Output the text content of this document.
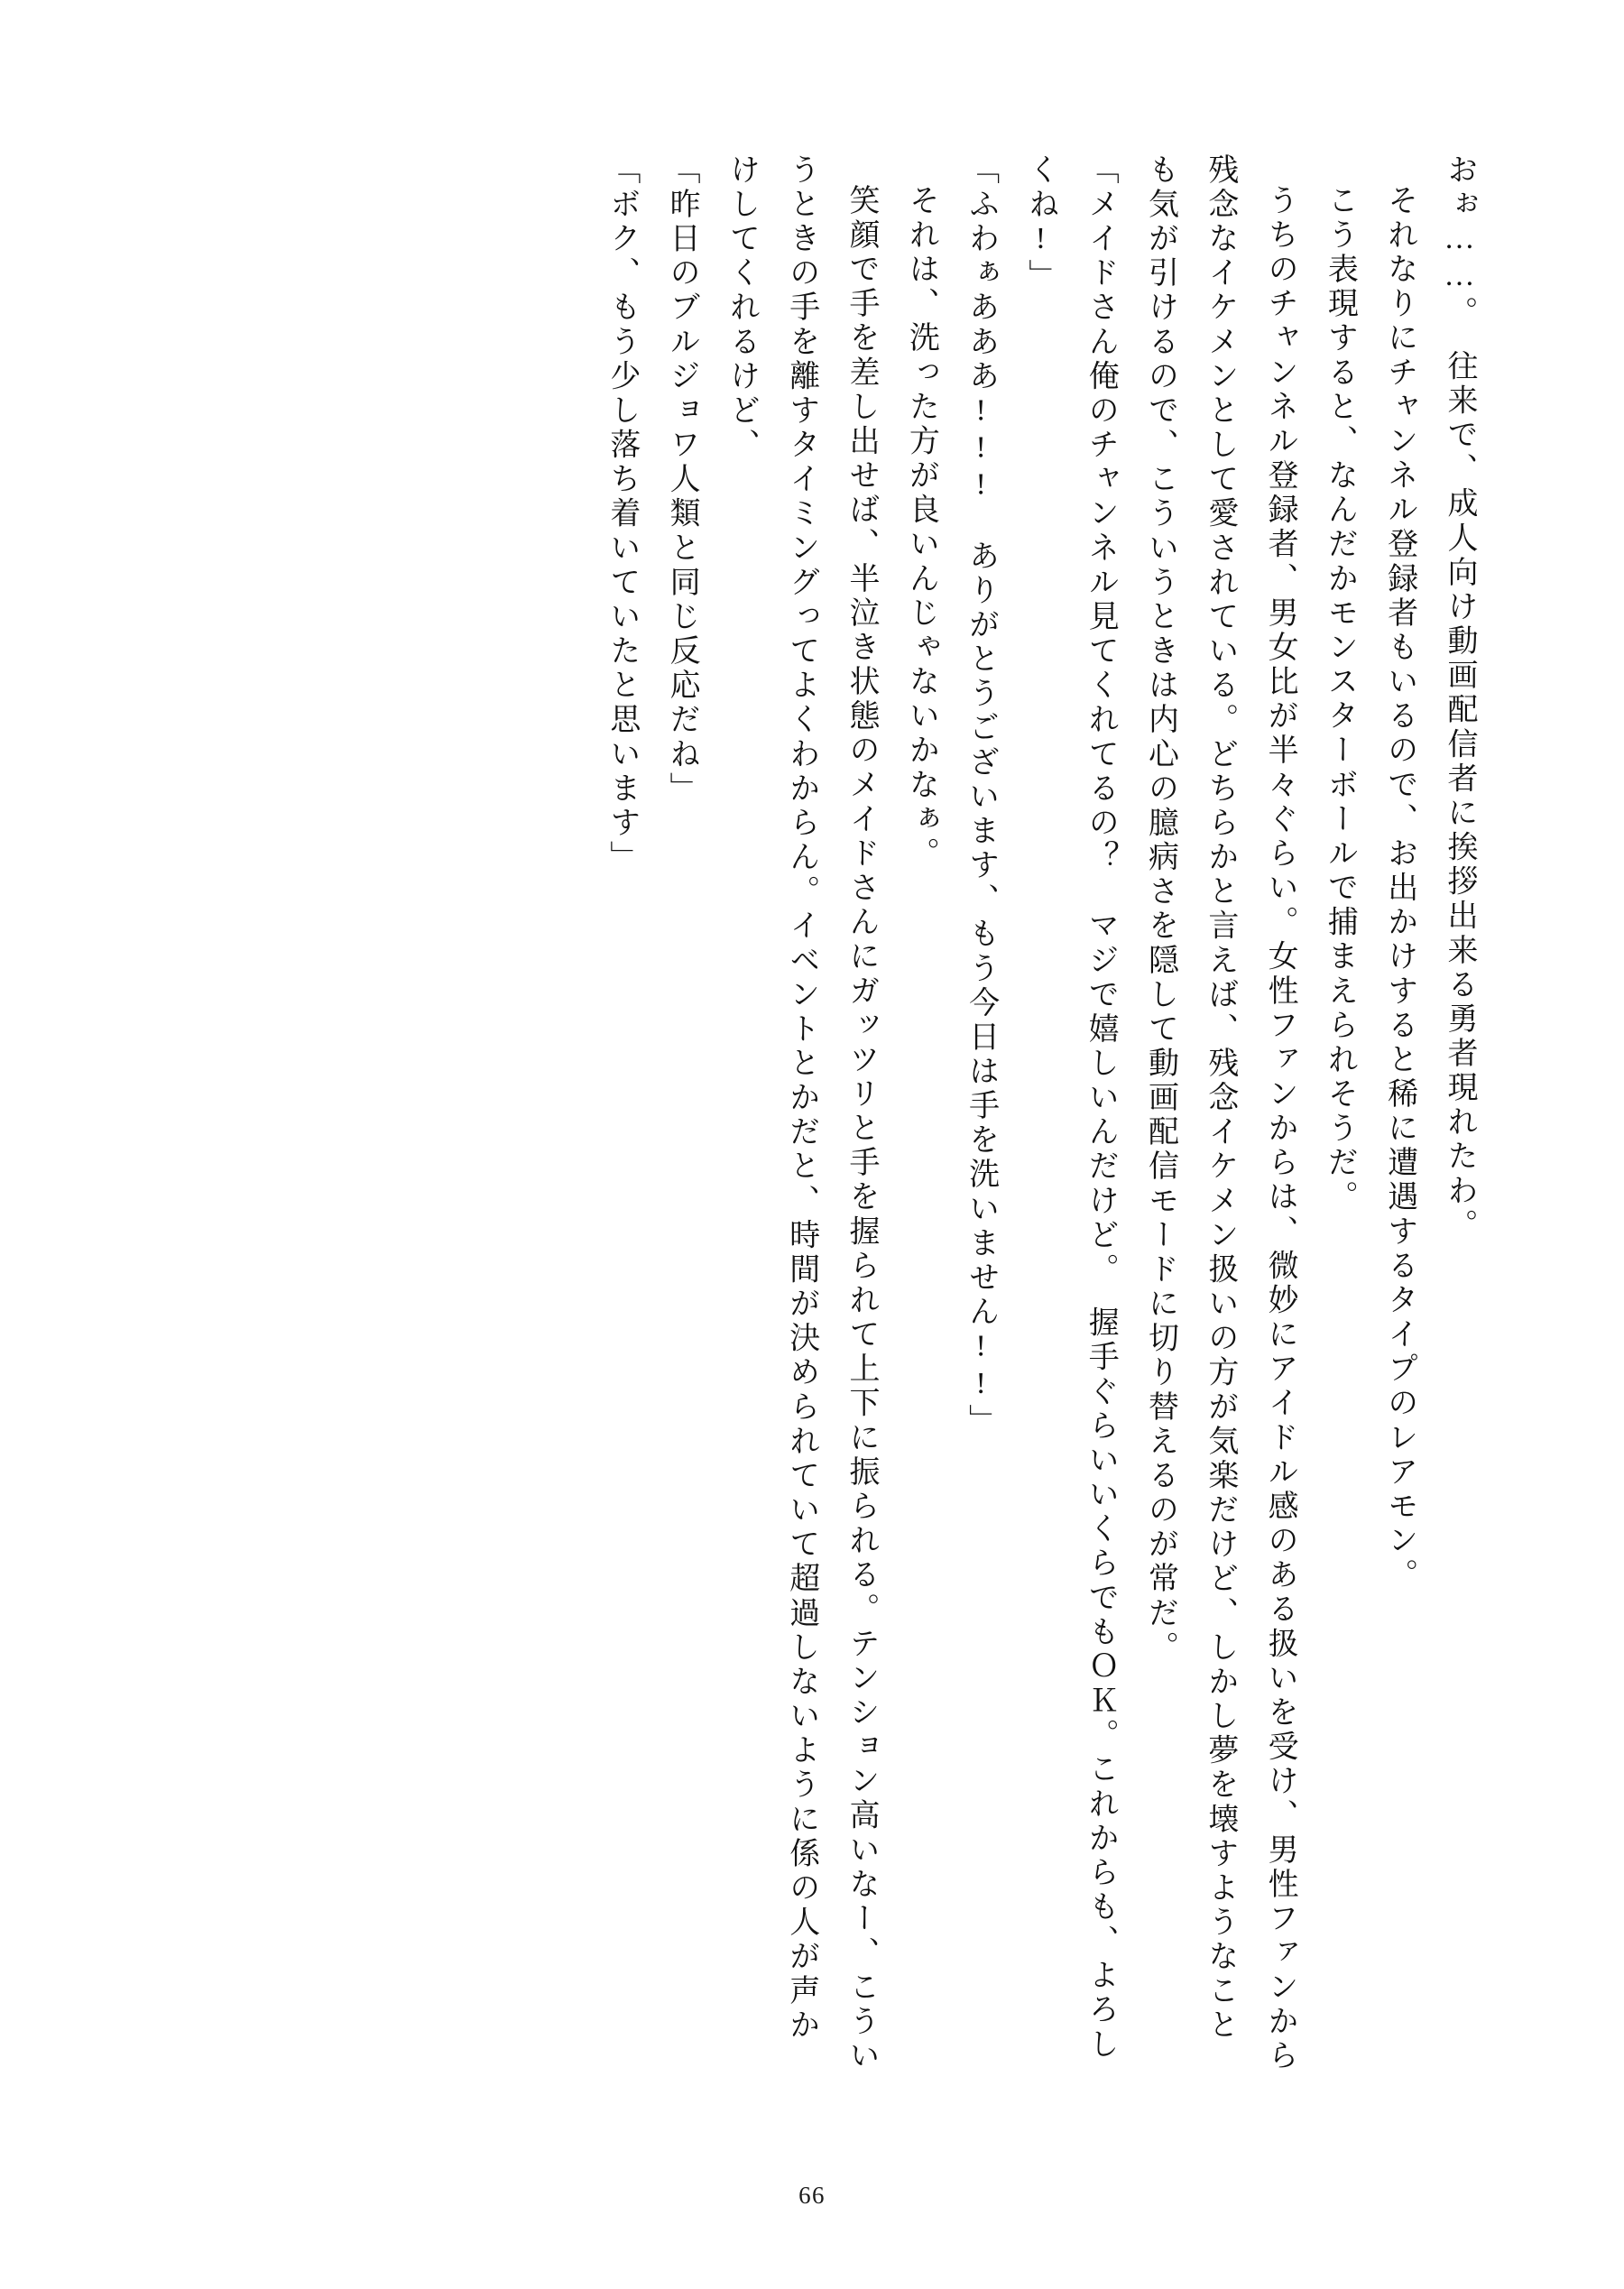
おぉ……。　往来で、成人向け動画配信者に挨拶出来る勇者現れたわ。

それなりにチャンネル登録者もいるので、お出かけすると稀に遭遇するタイプのレアモン。

こう表現すると、なんだかモンスターボールで捕まえられそうだ。

うちのチャンネル登録者、男女比が半々ぐらい。女性ファンからは、微妙にアイドル感のある扱いを受け、男性ファンから残念なイケメンとして愛されている。どちらかと言えば、残念イケメン扱いの方が気楽だけど、しかし夢を壊すようなことも気が引けるので、こういうときは内心の臆病さを隠して動画配信モードに切り替えるのが常だ。

「メイドさん俺のチャンネル見てくれてるの？　マジで嬉しいんだけど。　握手ぐらいいくらでもＯＫ。これからも、よろしくね!」

「ふわぁあああ!!!　ありがとうございます、もう今日は手を洗いません!!」

それは、洗った方が良いんじゃないかなぁ。

笑顔で手を差し出せば、半泣き状態のメイドさんにガッツリと手を握られて上下に振られる。テンション高いなー、こういうときの手を離すタイミングってよくわからん。イベントとかだと、時間が決められていて超過しないように係の人が声かけしてくれるけど、

「昨日のブルジョワ人類と同じ反応だね」

「ボク、もう少し落ち着いていたと思います」

66
